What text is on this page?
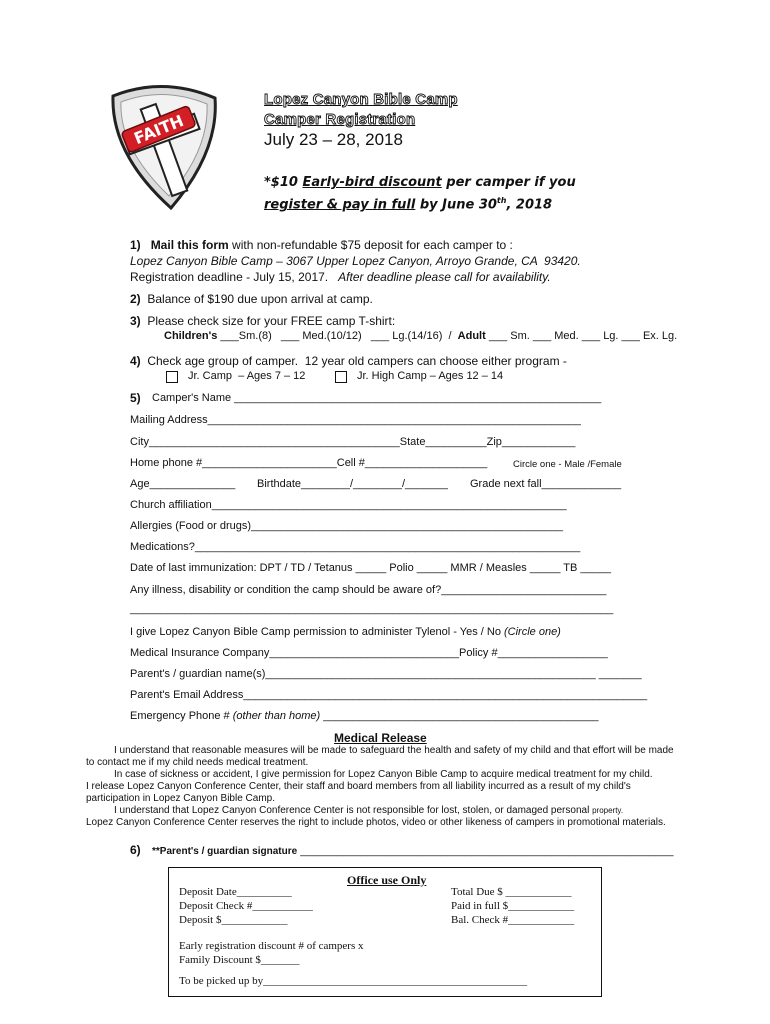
FAITH
Lopez Canyon Bible Camp
Camper Registration
July 23 – 28, 2018
*$10 Early-bird discount per camper if you
register & pay in full by June 30th, 2018
1) Mail this form with non-refundable $75 deposit for each camper to :
Lopez Canyon Bible Camp – 3067 Upper Lopez Canyon, Arroyo Grande, CA  93420.
Registration deadline - July 15, 2017. After deadline please call for availability.
2) Balance of $190 due upon arrival at camp.
3) Please check size for your FREE camp T-shirt:
Children's ___Sm.(8)   ___ Med.(10/12)   ___ Lg.(14/16)  /  Adult ___ Sm. ___ Med. ___ Lg. ___ Ex. Lg.
4) Check age group of camper.  12 year old campers can choose either program -
Jr. Camp  – Ages 7 – 12	Jr. High Camp – Ages 12 – 14
5) Camper's Name ____________________________________________________________
Mailing Address_____________________________________________________________
City_________________________________________State__________Zip____________
Home phone #______________________Cell #____________________	Circle one - Male /Female
Age______________ Birthdate________/________/_______ Grade next fall_____________
Church affiliation__________________________________________________________
Allergies (Food or drugs)___________________________________________________
Medications?_______________________________________________________________
Date of last immunization: DPT / TD / Tetanus _____ Polio _____ MMR / Measles _____ TB _____
Any illness, disability or condition the camp should be aware of?___________________________
_______________________________________________________________________________
I give Lopez Canyon Bible Camp permission to administer Tylenol - Yes / No (Circle one)
Medical Insurance Company_______________________________Policy #__________________
Parent's / guardian name(s)______________________________________________________ _______
Parent's Email Address__________________________________________________________________
Emergency Phone # (other than home) _____________________________________________
Medical Release
I understand that reasonable measures will be made to safeguard the health and safety of my child and that effort will be made
to contact me if my child needs medical treatment.
In case of sickness or accident, I give permission for Lopez Canyon Bible Camp to acquire medical treatment for my child.
I release Lopez Canyon Conference Center, their staff and board members from all liability incurred as a result of my child's
participation in Lopez Canyon Bible Camp.
I understand that Lopez Canyon Conference Center is not responsible for lost, stolen, or damaged personal property.
Lopez Canyon Conference Center reserves the right to include photos, video or other likeness of campers in promotional materials.
6) **Parent's / guardian signature _____________________________________________________________
Office use Only
Deposit Date__________
Deposit Check #___________
Deposit $____________
Total Due $ ____________
Paid in full $____________
Bal. Check #____________
Early registration discount # of campers x
Family Discount $_______
To be picked up by________________________________________________
